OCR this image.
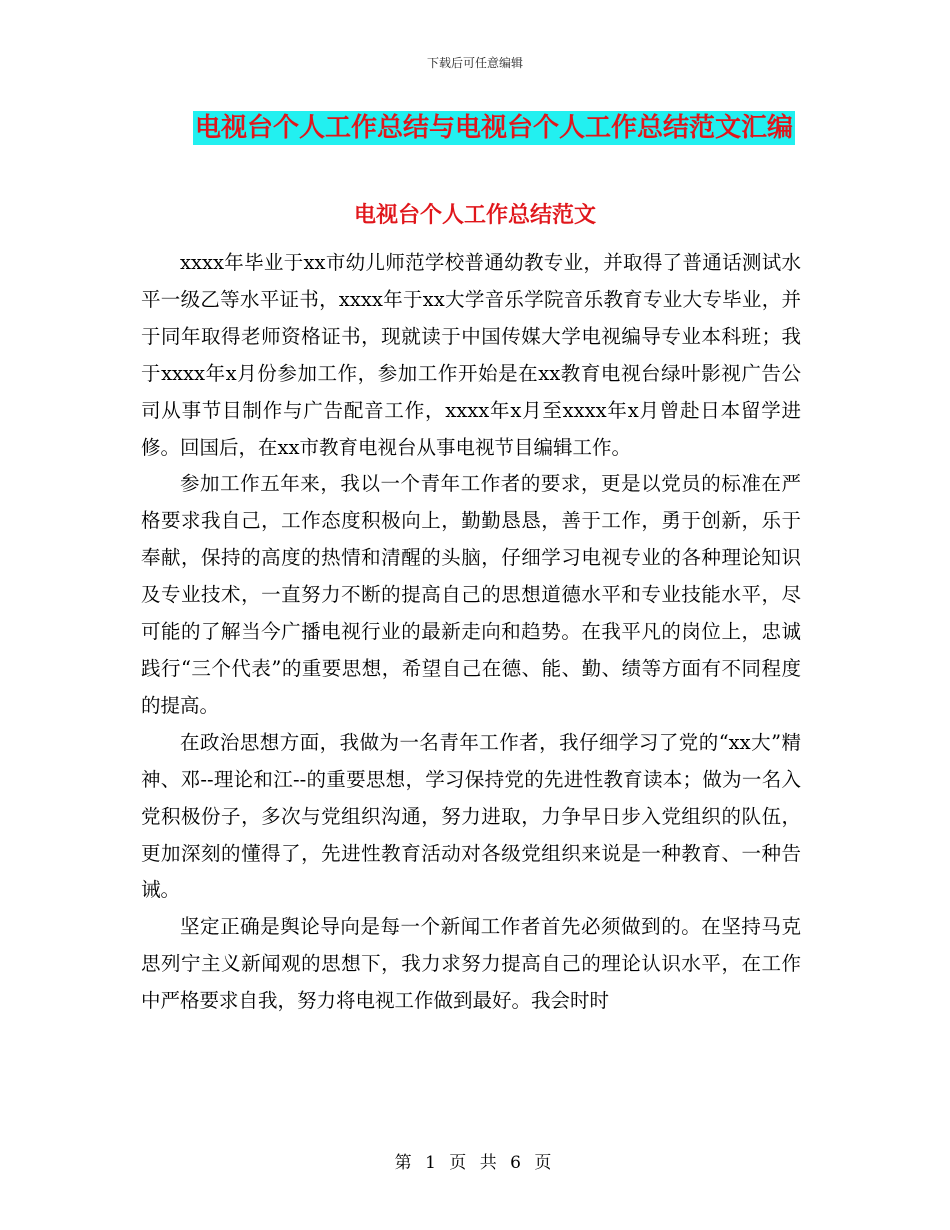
下载后可任意编辑
电视台个人工作总结与电视台个人工作总结范文汇编
电视台个人工作总结范文

xxxx年毕业于xx市幼儿师范学校普通幼教专业，并取得了普通话测试水平一级乙等水平证书，xxxx年于xx大学音乐学院音乐教育专业大专毕业，并于同年取得老师资格证书，现就读于中国传媒大学电视编导专业本科班；我于xxxx年x月份参加工作，参加工作开始是在xx教育电视台绿叶影视广告公司从事节目制作与广告配音工作，xxxx年x月至xxxx年x月曾赴日本留学进修。回国后，在xx市教育电视台从事电视节目编辑工作。

参加工作五年来，我以一个青年工作者的要求，更是以党员的标准在严格要求我自己，工作态度积极向上，勤勤恳恳，善于工作，勇于创新，乐于奉献，保持的高度的热情和清醒的头脑，仔细学习电视专业的各种理论知识及专业技术，一直努力不断的提高自己的思想道德水平和专业技能水平，尽可能的了解当今广播电视行业的最新走向和趋势。在我平凡的岗位上，忠诚践行“三个代表”的重要思想，希望自己在德、能、勤、绩等方面有不同程度的提高。

在政治思想方面，我做为一名青年工作者，我仔细学习了党的“xx大”精神、邓--理论和江--的重要思想，学习保持党的先进性教育读本；做为一名入党积极份子，多次与党组织沟通，努力进取，力争早日步入党组织的队伍，更加深刻的懂得了，先进性教育活动对各级党组织来说是一种教育、一种告诫。

坚定正确是舆论导向是每一个新闻工作者首先必须做到的。在坚持马克思列宁主义新闻观的思想下，我力求努力提高自己的理论认识水平，在工作中严格要求自我，努力将电视工作做到最好。我会时时

第 1 页 共 6 页
